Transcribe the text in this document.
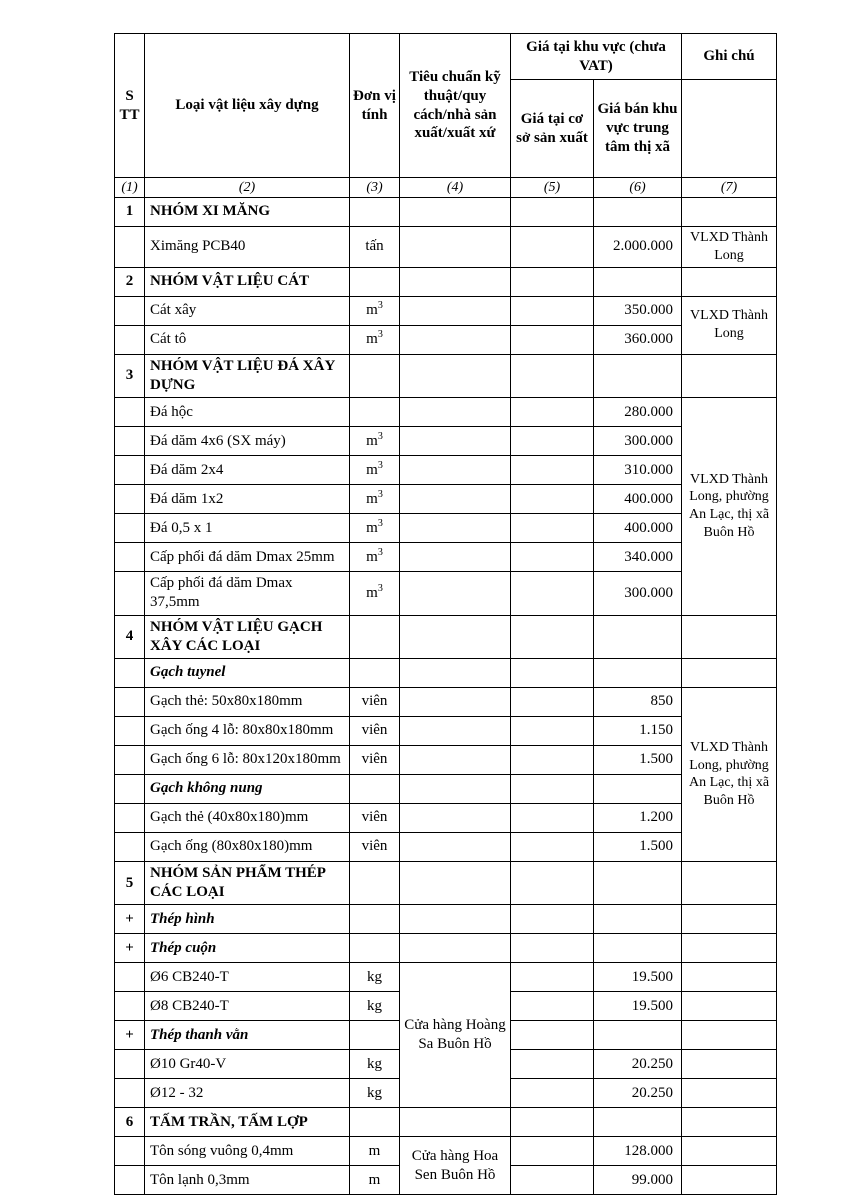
S TT	Loại vật liệu xây dựng	Đơn vị tính	Tiêu chuẩn kỹ thuật/quy cách/nhà sản xuất/xuất xứ	Giá tại khu vực (chưa VAT)		Ghi chú
				Giá tại cơ sở sản xuất	Giá bán khu vực trung tâm thị xã	
(1)	(2)	(3)	(4)	(5)	(6)	(7)
1	NHÓM XI MĂNG					
	Ximăng PCB40	tấn			2.000.000	VLXD Thành Long
2	NHÓM VẬT LIỆU CÁT					
	Cát xây	$m^3$			350.000	VLXD Thành Long
	Cát tô	$m^3$			360.000	
3	NHÓM VẬT LIỆU ĐÁ XÂY DỰNG					
	Đá hộc				280.000	VLXD Thành Long, phường An Lạc, thị xã Buôn Hồ
	Đá dăm 4x6 (SX máy)	$m^3$			300.000	
	Đá dăm 2x4	$m^3$			310.000	
	Đá dăm 1x2	$m^3$			400.000	
	Đá 0,5 x 1	$m^3$			400.000	
	Cấp phối đá dăm Dmax 25mm	$m^3$			340.000	
	Cấp phối đá dăm Dmax 37,5mm	$m^3$			300.000	
4	NHÓM VẬT LIỆU GẠCH XÂY CÁC LOẠI					
	Gạch tuynel					
	Gạch thẻ: 50x80x180mm	viên			850	VLXD Thành Long, phường An Lạc, thị xã Buôn Hồ
	Gạch ống 4 lỗ: 80x80x180mm	viên			1.150	
	Gạch ống 6 lỗ: 80x120x180mm	viên			1.500	
	Gạch không nung					
	Gạch thẻ (40x80x180)mm	viên			1.200	
	Gạch ống (80x80x180)mm	viên			1.500	
5	NHÓM SẢN PHẨM THÉP CÁC LOẠI					
+	Thép hình					
+	Thép cuộn					
	Ø6 CB240-T	kg	Cửa hàng Hoàng Sa Buôn Hồ		19.500	
	Ø8 CB240-T	kg			19.500	
+	Thép thanh vằn					
	Ø10 Gr40-V	kg			20.250	
	Ø12 - 32	kg			20.250	
6	TẤM TRẦN, TẤM LỢP					
	Tôn sóng vuông 0,4mm	m	Cửa hàng Hoa Sen Buôn Hồ		128.000	
	Tôn lạnh 0,3mm	m			99.000	
